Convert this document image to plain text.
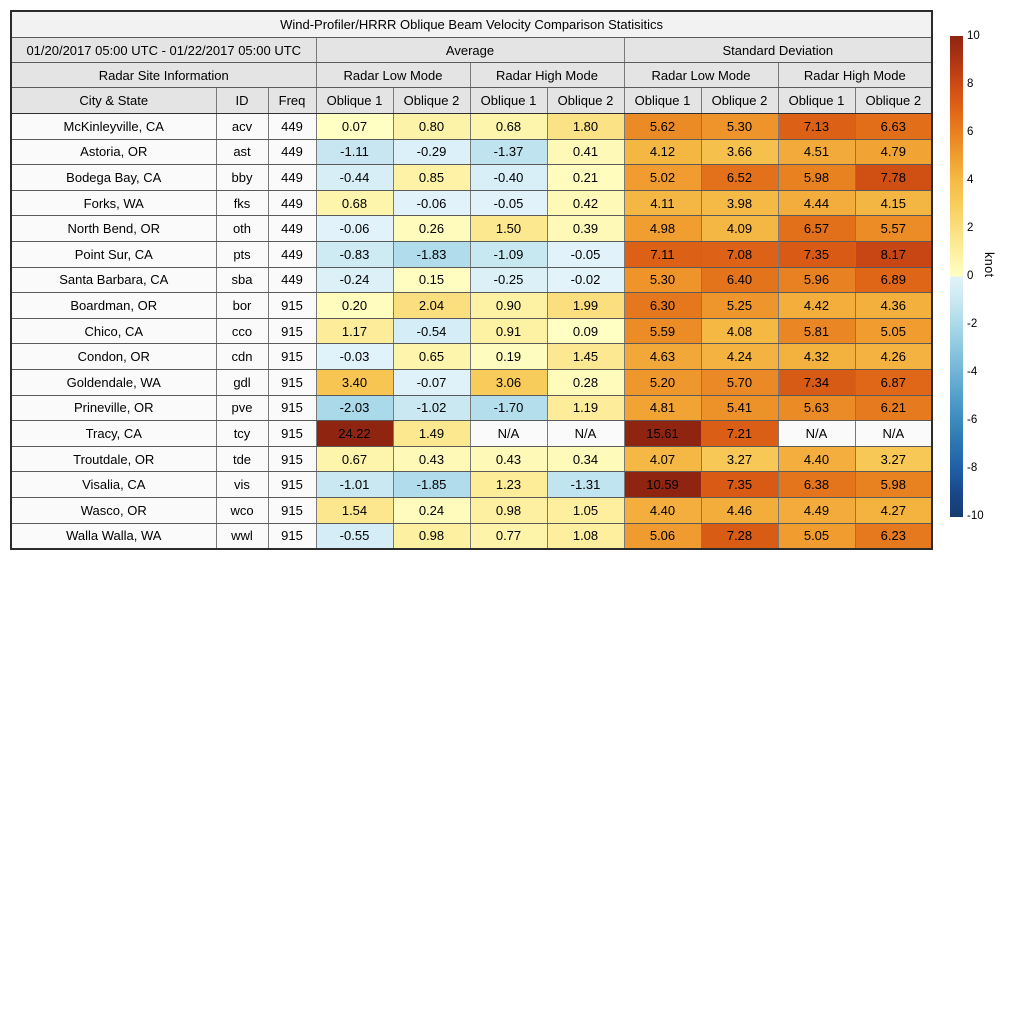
Wind-Profiler/HRRR Oblique Beam Velocity Comparison Statisitics										
01/20/2017 05:00 UTC - 01/22/2017 05:00 UTC			Average				Standard Deviation			
Radar Site Information			Radar Low Mode		Radar High Mode		Radar Low Mode		Radar High Mode	
City & State	ID	Freq	Oblique 1	Oblique 2	Oblique 1	Oblique 2	Oblique 1	Oblique 2	Oblique 1	Oblique 2
McKinleyville, CA	acv	449	0.07	0.80	0.68	1.80	5.62	5.30	7.13	6.63
Astoria, OR	ast	449	-1.11	-0.29	-1.37	0.41	4.12	3.66	4.51	4.79
Bodega Bay, CA	bby	449	-0.44	0.85	-0.40	0.21	5.02	6.52	5.98	7.78
Forks, WA	fks	449	0.68	-0.06	-0.05	0.42	4.11	3.98	4.44	4.15
North Bend, OR	oth	449	-0.06	0.26	1.50	0.39	4.98	4.09	6.57	5.57
Point Sur, CA	pts	449	-0.83	-1.83	-1.09	-0.05	7.11	7.08	7.35	8.17
Santa Barbara, CA	sba	449	-0.24	0.15	-0.25	-0.02	5.30	6.40	5.96	6.89
Boardman, OR	bor	915	0.20	2.04	0.90	1.99	6.30	5.25	4.42	4.36
Chico, CA	cco	915	1.17	-0.54	0.91	0.09	5.59	4.08	5.81	5.05
Condon, OR	cdn	915	-0.03	0.65	0.19	1.45	4.63	4.24	4.32	4.26
Goldendale, WA	gdl	915	3.40	-0.07	3.06	0.28	5.20	5.70	7.34	6.87
Prineville, OR	pve	915	-2.03	-1.02	-1.70	1.19	4.81	5.41	5.63	6.21
Tracy, CA	tcy	915	24.22	1.49	N/A	N/A	15.61	7.21	N/A	N/A
Troutdale, OR	tde	915	0.67	0.43	0.43	0.34	4.07	3.27	4.40	3.27
Visalia, CA	vis	915	-1.01	-1.85	1.23	-1.31	10.59	7.35	6.38	5.98
Wasco, OR	wco	915	1.54	0.24	0.98	1.05	4.40	4.46	4.49	4.27
Walla Walla, WA	wwl	915	-0.55	0.98	0.77	1.08	5.06	7.28	5.05	6.23
10
8
6
4
2
0
-2
-4
-6
-8
-10
knot
